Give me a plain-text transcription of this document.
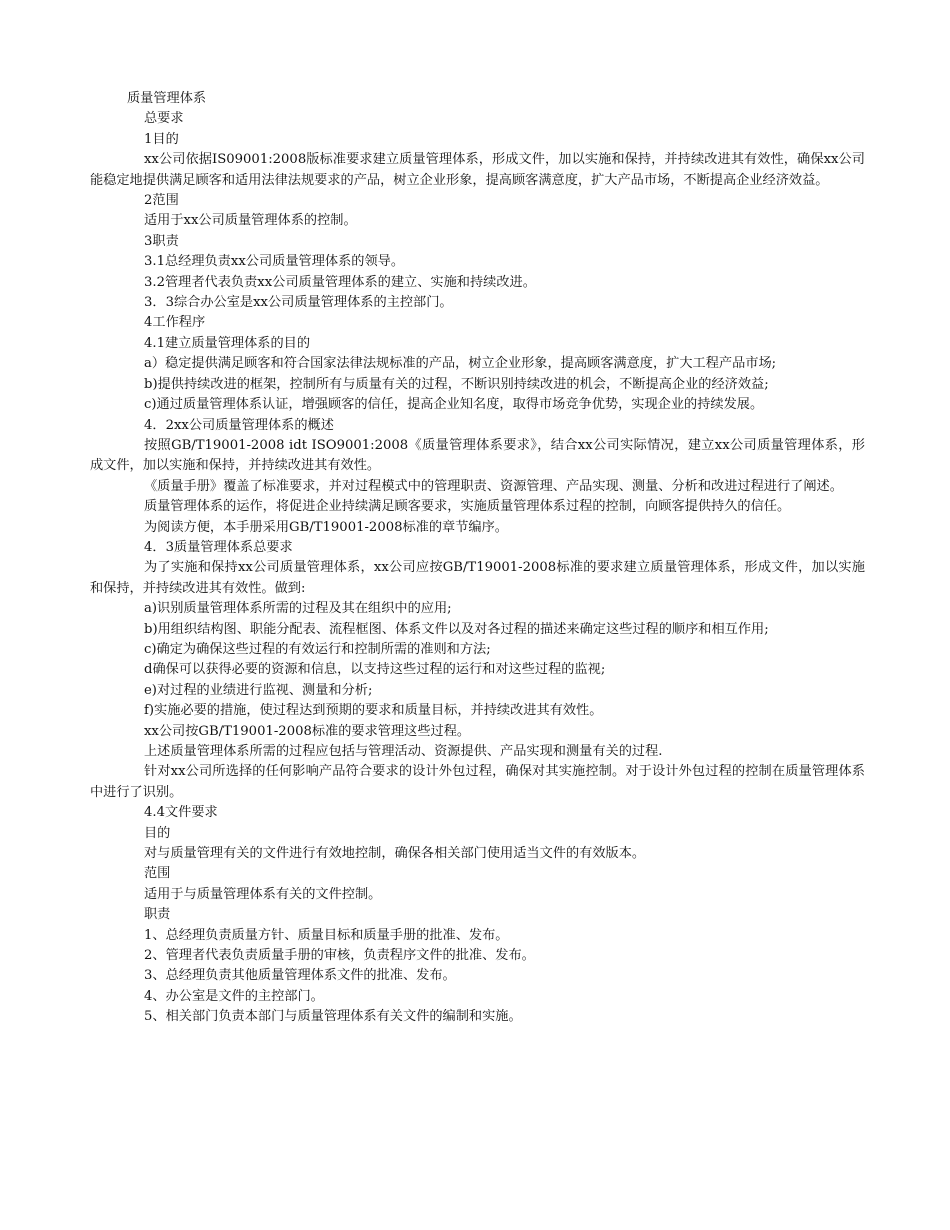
质量管理体系

总要求

1目的

xx公司依据IS09001:2008版标准要求建立质量管理体系，形成文件，加以实施和保持，并持续改进其有效性，确保xx公司能稳定地提供满足顾客和适用法律法规要求的产品，树立企业形象，提高顾客满意度，扩大产品市场，不断提高企业经济效益。

2范围

适用于xx公司质量管理体系的控制。

3职责

3.1总经理负责xx公司质量管理体系的领导。

3.2管理者代表负责xx公司质量管理体系的建立、实施和持续改进。

3．3综合办公室是xx公司质量管理体系的主控部门。

4工作程序

4.1建立质量管理体系的目的

a）稳定提供满足顾客和符合国家法律法规标准的产品，树立企业形象，提高顾客满意度，扩大工程产品市场;

b)提供持续改进的框架，控制所有与质量有关的过程，不断识别持续改进的机会，不断提高企业的经济效益;

c)通过质量管理体系认证，增强顾客的信任，提高企业知名度，取得市场竞争优势，实现企业的持续发展。

4．2xx公司质量管理体系的概述

按照GB/T19001-2008 idt ISO9001:2008《质量管理体系要求》，结合xx公司实际情况，建立xx公司质量管理体系，形成文件，加以实施和保持，并持续改进其有效性。

《质量手册》覆盖了标准要求，并对过程模式中的管理职责、资源管理、产品实现、测量、分析和改进过程进行了阐述。

质量管理体系的运作，将促进企业持续满足顾客要求，实施质量管理体系过程的控制，向顾客提供持久的信任。

为阅读方便，本手册采用GB/T19001-2008标准的章节编序。

4．3质量管理体系总要求

为了实施和保持xx公司质量管理体系，xx公司应按GB/T19001-2008标准的要求建立质量管理体系，形成文件，加以实施和保持，并持续改进其有效性。做到:

a)识别质量管理体系所需的过程及其在组织中的应用;

b)用组织结构图、职能分配表、流程框图、体系文件以及对各过程的描述来确定这些过程的顺序和相互作用;

c)确定为确保这些过程的有效运行和控制所需的准则和方法;

d确保可以获得必要的资源和信息，以支持这些过程的运行和对这些过程的监视;

e)对过程的业绩进行监视、测量和分析;

f)实施必要的措施，使过程达到预期的要求和质量目标，并持续改进其有效性。

xx公司按GB/T19001-2008标准的要求管理这些过程。

上述质量管理体系所需的过程应包括与管理活动、资源提供、产品实现和测量有关的过程.

针对xx公司所选择的任何影响产品符合要求的设计外包过程，确保对其实施控制。对于设计外包过程的控制在质量管理体系中进行了识别。

4.4文件要求

目的

对与质量管理有关的文件进行有效地控制，确保各相关部门使用适当文件的有效版本。

范围

适用于与质量管理体系有关的文件控制。

职责

1、总经理负责质量方针、质量目标和质量手册的批准、发布。

2、管理者代表负责质量手册的审核，负责程序文件的批准、发布。

3、总经理负责其他质量管理体系文件的批准、发布。

4、办公室是文件的主控部门。

5、相关部门负责本部门与质量管理体系有关文件的编制和实施。
